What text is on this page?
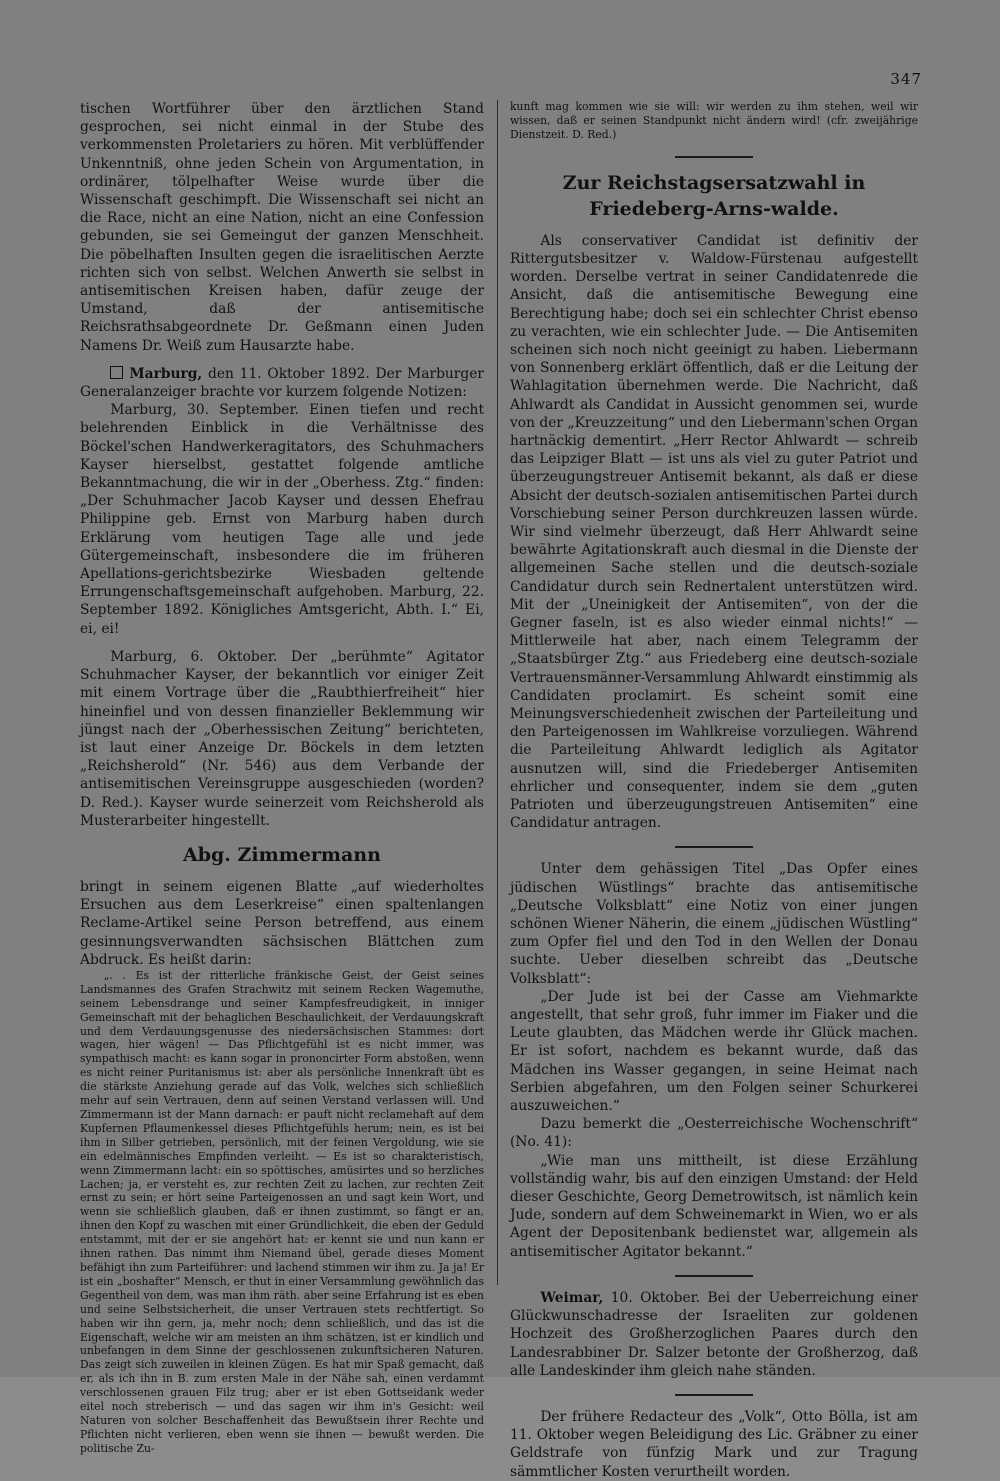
347

tischen Wortführer über den ärztlichen Stand gesprochen, sei nicht einmal in der Stube des verkommensten Proletariers zu hören. Mit verblüffender Unkenntniß, ohne jeden Schein von Argumentation, in ordinärer, tölpelhafter Weise wurde über die Wissenschaft geschimpft. Die Wissenschaft sei nicht an die Race, nicht an eine Nation, nicht an eine Confession gebunden, sie sei Gemeingut der ganzen Menschheit. Die pöbelhaften Insulten gegen die israelitischen Aerzte richten sich von selbst. Welchen Anwerth sie selbst in antisemitischen Kreisen haben, dafür zeuge der Umstand, daß der antisemitische Reichsrathsabgeordnete Dr. Geßmann einen Juden Namens Dr. Weiß zum Hausarzte habe.

Marburg, den 11. Oktober 1892. Der Marburger Generalanzeiger brachte vor kurzem folgende Notizen:

Marburg, 30. September. Einen tiefen und recht belehrenden Einblick in die Verhältnisse des Böckel'schen Handwerkeragitators, des Schuhmachers Kayser hierselbst, gestattet folgende amtliche Bekanntmachung, die wir in der „Oberhess. Ztg.“ finden: „Der Schuhmacher Jacob Kayser und dessen Ehefrau Philippine geb. Ernst von Marburg haben durch Erklärung vom heutigen Tage alle und jede Gütergemeinschaft, insbesondere die im früheren Apellations-gerichtsbezirke Wiesbaden geltende Errungenschaftsgemeinschaft aufgehoben. Marburg, 22. September 1892. Königliches Amtsgericht, Abth. I.“ Ei, ei, ei!

Marburg, 6. Oktober. Der „berühmte“ Agitator Schuhmacher Kayser, der bekanntlich vor einiger Zeit mit einem Vortrage über die „Raubthierfreiheit“ hier hineinfiel und von dessen finanzieller Beklemmung wir jüngst nach der „Oberhessischen Zeitung“ berichteten, ist laut einer Anzeige Dr. Böckels in dem letzten „Reichsherold“ (Nr. 546) aus dem Verbande der antisemitischen Vereinsgruppe ausgeschieden (worden? D. Red.). Kayser wurde seinerzeit vom Reichsherold als Musterarbeiter hingestellt.

Abg. Zimmermann

bringt in seinem eigenen Blatte „auf wiederholtes Ersuchen aus dem Leserkreise“ einen spaltenlangen Reclame-Artikel seine Person betreffend, aus einem gesinnungsverwandten sächsischen Blättchen zum Abdruck. Es heißt darin:

„. . Es ist der ritterliche fränkische Geist, der Geist seines Landsmannes des Grafen Strachwitz mit seinem Recken Wagemuthe, seinem Lebensdrange und seiner Kampfesfreudigkeit, in inniger Gemeinschaft mit der behaglichen Beschaulichkeit, der Verdauungskraft und dem Verdauungsgenusse des niedersächsischen Stammes: dort wagen, hier wägen! — Das Pflichtgefühl ist es nicht immer, was sympathisch macht: es kann sogar in prononcirter Form abstoßen, wenn es nicht reiner Puritanismus ist: aber als persönliche Innenkraft übt es die stärkste Anziehung gerade auf das Volk, welches sich schließlich mehr auf sein Vertrauen, denn auf seinen Verstand verlassen will. Und Zimmermann ist der Mann darnach: er pauft nicht reclamehaft auf dem Kupfernen Pflaumenkessel dieses Pflichtgefühls herum; nein, es ist bei ihm in Silber getrieben, persönlich, mit der feinen Vergoldung, wie sie ein edelmännisches Empfinden verleiht. — Es ist so charakteristisch, wenn Zimmermann lacht: ein so spöttisches, amüsirtes und so herzliches Lachen; ja, er versteht es, zur rechten Zeit zu lachen, zur rechten Zeit ernst zu sein; er hört seine Parteigenossen an und sagt kein Wort, und wenn sie schließlich glauben, daß er ihnen zustimmt, so fängt er an, ihnen den Kopf zu waschen mit einer Gründlichkeit, die eben der Geduld entstammt, mit der er sie angehört hat: er kennt sie und nun kann er ihnen rathen. Das nimmt ihm Niemand übel, gerade dieses Moment befähigt ihn zum Parteiführer: und lachend stimmen wir ihm zu. Ja ja! Er ist ein „boshafter“ Mensch, er thut in einer Versammlung gewöhnlich das Gegentheil von dem, was man ihm räth. aber seine Erfahrung ist es eben und seine Selbstsicherheit, die unser Vertrauen stets rechtfertigt. So haben wir ihn gern, ja, mehr noch; denn schließlich, und das ist die Eigenschaft, welche wir am meisten an ihm schätzen, ist er kindlich und unbefangen in dem Sinne der geschlossenen zukunftsicheren Naturen. Das zeigt sich zuweilen in kleinen Zügen. Es hat mir Spaß gemacht, daß er, als ich ihn in B. zum ersten Male in der Nähe sah, einen verdammt verschlossenen grauen Filz trug; aber er ist eben Gottseidank weder eitel noch streberisch — und das sagen wir ihm in's Gesicht: weil Naturen von solcher Beschaffenheit das Bewußtsein ihrer Rechte und Pflichten nicht verlieren, eben wenn sie ihnen — bewußt werden. Die politische Zu-

kunft mag kommen wie sie will: wir werden zu ihm stehen, weil wir wissen, daß er seinen Standpunkt nicht ändern wird! (cfr. zweijährige Dienstzeit. D. Red.)

Zur Reichstagsersatzwahl in Friedeberg-Arns-walde.

Als conservativer Candidat ist definitiv der Rittergutsbesitzer v. Waldow-Fürstenau aufgestellt worden. Derselbe vertrat in seiner Candidatenrede die Ansicht, daß die antisemitische Bewegung eine Berechtigung habe; doch sei ein schlechter Christ ebenso zu verachten, wie ein schlechter Jude. — Die Antisemiten scheinen sich noch nicht geeinigt zu haben. Liebermann von Sonnenberg erklärt öffentlich, daß er die Leitung der Wahlagitation übernehmen werde. Die Nachricht, daß Ahlwardt als Candidat in Aussicht genommen sei, wurde von der „Kreuzzeitung“ und den Liebermann'schen Organ hartnäckig dementirt. „Herr Rector Ahlwardt — schreib das Leipziger Blatt — ist uns als viel zu guter Patriot und überzeugungstreuer Antisemit bekannt, als daß er diese Absicht der deutsch-sozialen antisemitischen Partei durch Vorschiebung seiner Person durchkreuzen lassen würde. Wir sind vielmehr überzeugt, daß Herr Ahlwardt seine bewährte Agitationskraft auch diesmal in die Dienste der allgemeinen Sache stellen und die deutsch-soziale Candidatur durch sein Rednertalent unterstützen wird. Mit der „Uneinigkeit der Antisemiten“, von der die Gegner faseln, ist es also wieder einmal nichts!“ — Mittlerweile hat aber, nach einem Telegramm der „Staatsbürger Ztg.“ aus Friedeberg eine deutsch-soziale Vertrauensmänner-Versammlung Ahlwardt einstimmig als Candidaten proclamirt. Es scheint somit eine Meinungsverschiedenheit zwischen der Parteileitung und den Parteigenossen im Wahlkreise vorzuliegen. Während die Parteileitung Ahlwardt lediglich als Agitator ausnutzen will, sind die Friedeberger Antisemiten ehrlicher und consequenter, indem sie dem „guten Patrioten und überzeugungstreuen Antisemiten“ eine Candidatur antragen.

Unter dem gehässigen Titel „Das Opfer eines jüdischen Wüstlings“ brachte das antisemitische „Deutsche Volksblatt“ eine Notiz von einer jungen schönen Wiener Näherin, die einem „jüdischen Wüstling“ zum Opfer fiel und den Tod in den Wellen der Donau suchte. Ueber dieselben schreibt das „Deutsche Volksblatt“:

„Der Jude ist bei der Casse am Viehmarkte angestellt, that sehr groß, fuhr immer im Fiaker und die Leute glaubten, das Mädchen werde ihr Glück machen. Er ist sofort, nachdem es bekannt wurde, daß das Mädchen ins Wasser gegangen, in seine Heimat nach Serbien abgefahren, um den Folgen seiner Schurkerei auszuweichen.“

Dazu bemerkt die „Oesterreichische Wochenschrift“ (No. 41):

„Wie man uns mittheilt, ist diese Erzählung vollständig wahr, bis auf den einzigen Umstand: der Held dieser Geschichte, Georg Demetrowitsch, ist nämlich kein Jude, sondern auf dem Schweinemarkt in Wien, wo er als Agent der Depositenbank bedienstet war, allgemein als antisemitischer Agitator bekannt.“

Weimar, 10. Oktober. Bei der Ueberreichung einer Glückwunschadresse der Israeliten zur goldenen Hochzeit des Großherzoglichen Paares durch den Landesrabbiner Dr. Salzer betonte der Großherzog, daß alle Landeskinder ihm gleich nahe ständen.

Der frühere Redacteur des „Volk“, Otto Bölla, ist am 11. Oktober wegen Beleidigung des Lic. Gräbner zu einer Geldstrafe von fünfzig Mark und zur Tragung sämmtlicher Kosten verurtheilt worden.
